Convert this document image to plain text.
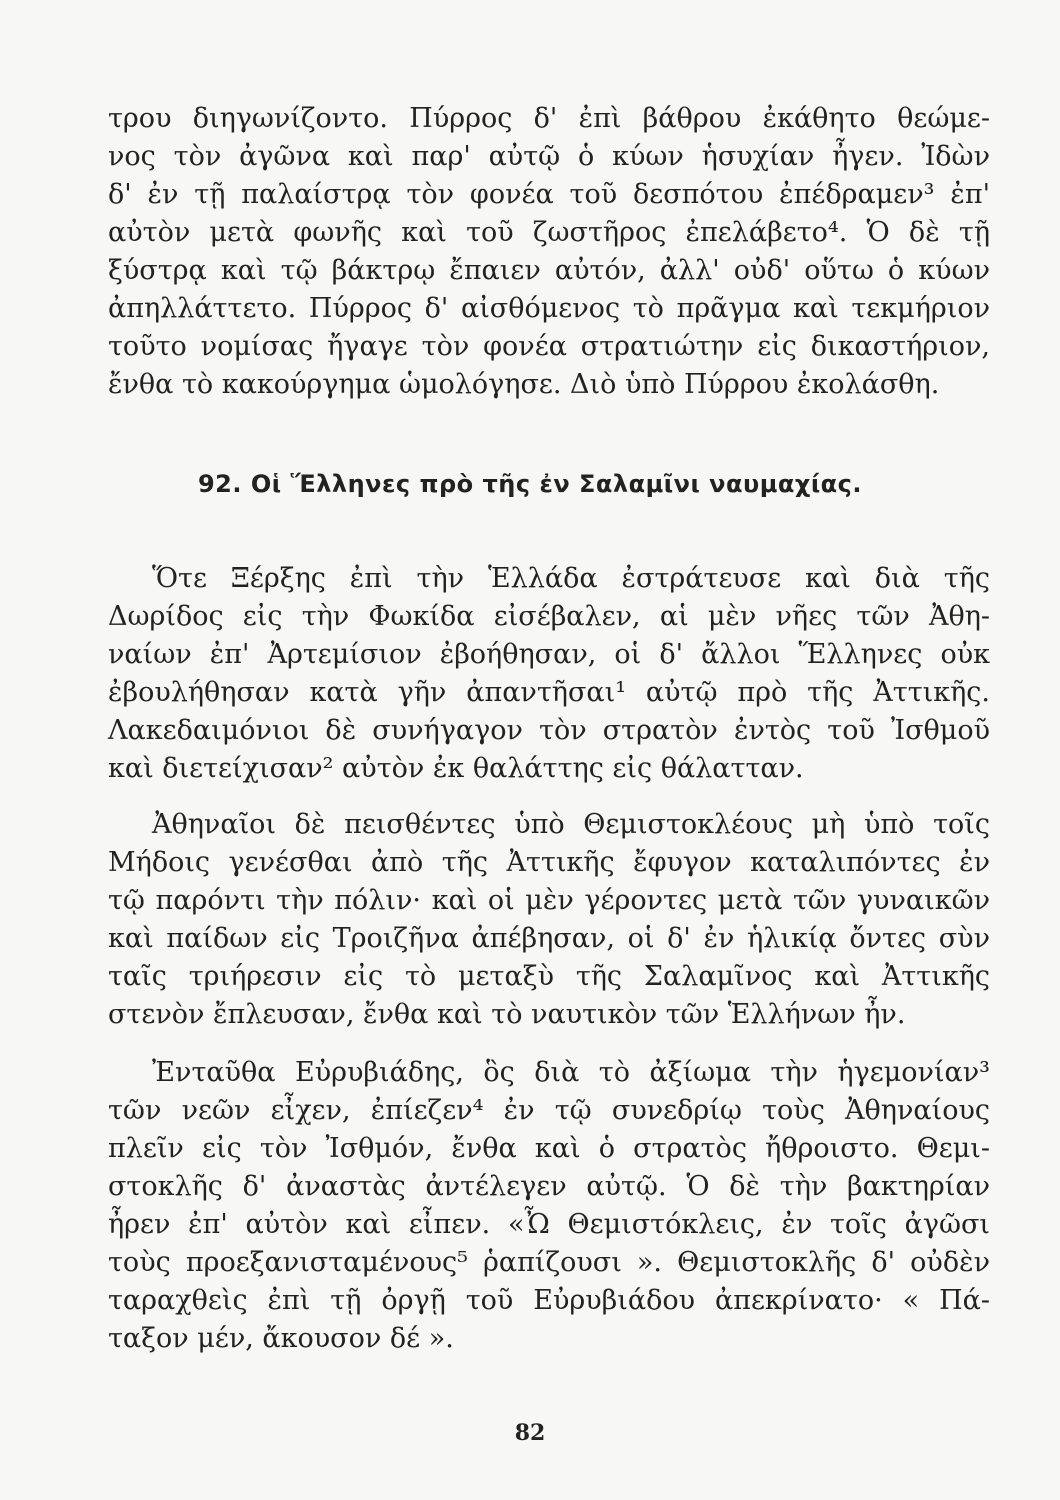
τρου διηγωνίζοντο. Πύρρος δ' ἐπὶ βάθρου ἐκάθητο θεώμε-
νος τὸν ἀγῶνα καὶ παρ' αὐτῷ ὁ κύων ἡσυχίαν ἦγεν. Ἰδὼν
δ' ἐν τῇ παλαίστρᾳ τὸν φονέα τοῦ δεσπότου ἐπέδραμεν³ ἐπ'
αὐτὸν μετὰ φωνῆς καὶ τοῦ ζωστῆρος ἐπελάβετο⁴. Ὁ δὲ τῇ
ξύστρᾳ καὶ τῷ βάκτρῳ ἔπαιεν αὐτόν, ἀλλ' οὐδ' οὕτω ὁ κύων
ἀπηλλάττετο. Πύρρος δ' αἰσθόμενος τὸ πρᾶγμα καὶ τεκμήριον
τοῦτο νομίσας ἤγαγε τὸν φονέα στρατιώτην εἰς δικαστήριον,
ἔνθα τὸ κακούργημα ὡμολόγησε. Διὸ ὑπὸ Πύρρου ἐκολάσθη.
92. Οἱ Ἕλληνες πρὸ τῆς ἐν Σαλαμῖνι ναυμαχίας.
Ὅτε Ξέρξης ἐπὶ τὴν Ἑλλάδα ἐστράτευσε καὶ διὰ τῆς
Δωρίδος εἰς τὴν Φωκίδα εἰσέβαλεν, αἱ μὲν νῆες τῶν Ἀθη-
ναίων ἐπ' Ἀρτεμίσιον ἐβοήθησαν, οἱ δ' ἄλλοι Ἕλληνες οὐκ
ἐβουλήθησαν κατὰ γῆν ἀπαντῆσαι¹ αὐτῷ πρὸ τῆς Ἀττικῆς.
Λακεδαιμόνιοι δὲ συνήγαγον τὸν στρατὸν ἐντὸς τοῦ Ἰσθμοῦ
καὶ διετείχισαν² αὐτὸν ἐκ θαλάττης εἰς θάλατταν.
Ἀθηναῖοι δὲ πεισθέντες ὑπὸ Θεμιστοκλέους μὴ ὑπὸ τοῖς
Μήδοις γενέσθαι ἀπὸ τῆς Ἀττικῆς ἔφυγον καταλιπόντες ἐν
τῷ παρόντι τὴν πόλιν· καὶ οἱ μὲν γέροντες μετὰ τῶν γυναικῶν
καὶ παίδων εἰς Τροιζῆνα ἀπέβησαν, οἱ δ' ἐν ἡλικίᾳ ὄντες σὺν
ταῖς τριήρεσιν εἰς τὸ μεταξὺ τῆς Σαλαμῖνος καὶ Ἀττικῆς
στενὸν ἔπλευσαν, ἔνθα καὶ τὸ ναυτικὸν τῶν Ἑλλήνων ἦν.
Ἐνταῦθα Εὐρυβιάδης, ὃς διὰ τὸ ἀξίωμα τὴν ἡγεμονίαν³
τῶν νεῶν εἶχεν, ἐπίεζεν⁴ ἐν τῷ συνεδρίῳ τοὺς Ἀθηναίους
πλεῖν εἰς τὸν Ἰσθμόν, ἔνθα καὶ ὁ στρατὸς ἤθροιστο. Θεμι-
στοκλῆς δ' ἀναστὰς ἀντέλεγεν αὐτῷ. Ὁ δὲ τὴν βακτηρίαν
ἦρεν ἐπ' αὐτὸν καὶ εἶπεν. «Ὦ Θεμιστόκλεις, ἐν τοῖς ἀγῶσι
τοὺς προεξανισταμένους⁵ ῥαπίζουσι ». Θεμιστοκλῆς δ' οὐδὲν
ταραχθεὶς ἐπὶ τῇ ὀργῇ τοῦ Εὐρυβιάδου ἀπεκρίνατο· « Πά-
ταξον μέν, ἄκουσον δέ ».
82
